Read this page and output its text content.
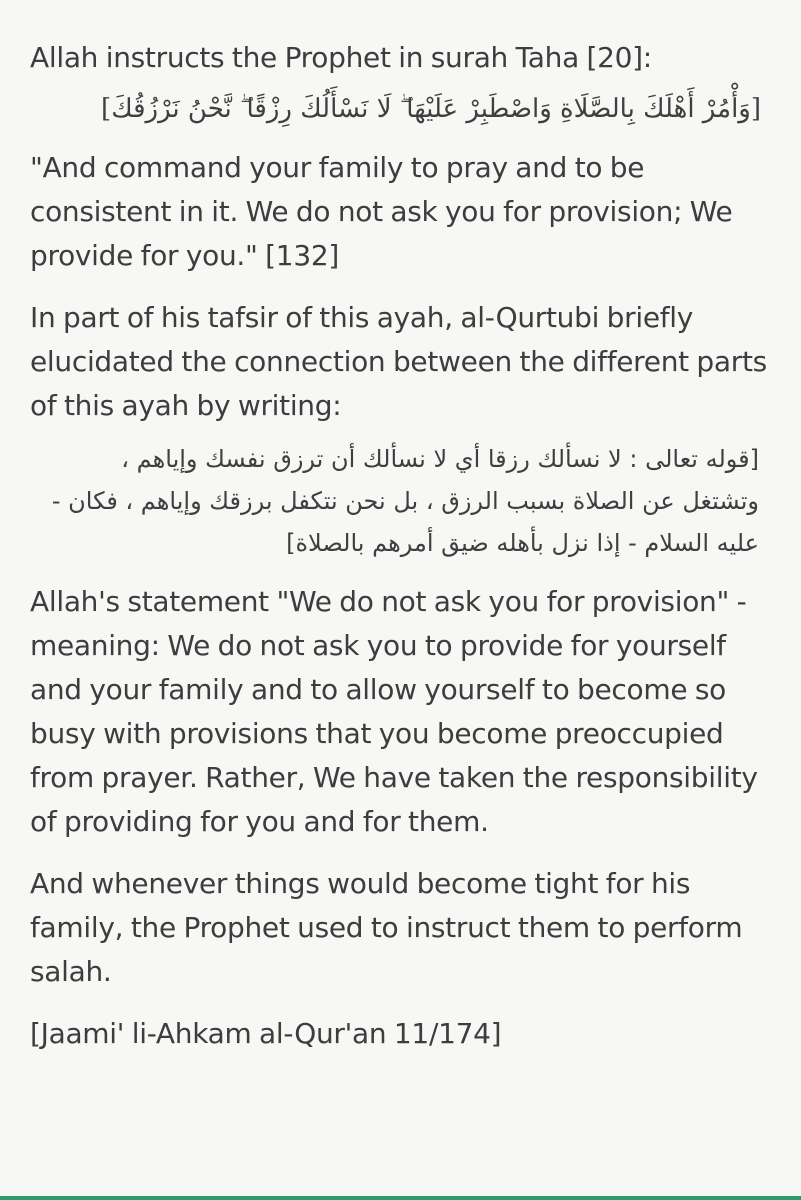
Allah instructs the Prophet in surah Taha [20]:

[وَأْمُرْ أَهْلَكَ بِالصَّلَاةِ وَاصْطَبِرْ عَلَيْهَا ۖ لَا نَسْأَلُكَ رِزْقًا ۖ نَّحْنُ نَرْزُقُكَ]

"And command your family to pray and to be consistent in it. We do not ask you for provision; We provide for you." [132]

In part of his tafsir of this ayah, al-Qurtubi briefly elucidated the connection between the different parts of this ayah by writing:

[قوله تعالى : لا نسألك رزقا أي لا نسألك أن ترزق نفسك وإياهم ، وتشتغل عن الصلاة بسبب الرزق ، بل نحن نتكفل برزقك وإياهم ، فكان - عليه السلام - إذا نزل بأهله ضيق أمرهم بالصلاة]

Allah's statement "We do not ask you for provision" - meaning: We do not ask you to provide for yourself and your family and to allow yourself to become so busy with provisions that you become preoccupied from prayer. Rather, We have taken the responsibility of providing for you and for them.

And whenever things would become tight for his family, the Prophet used to instruct them to perform salah.

[Jaami' li-Ahkam al-Qur'an 11/174]
